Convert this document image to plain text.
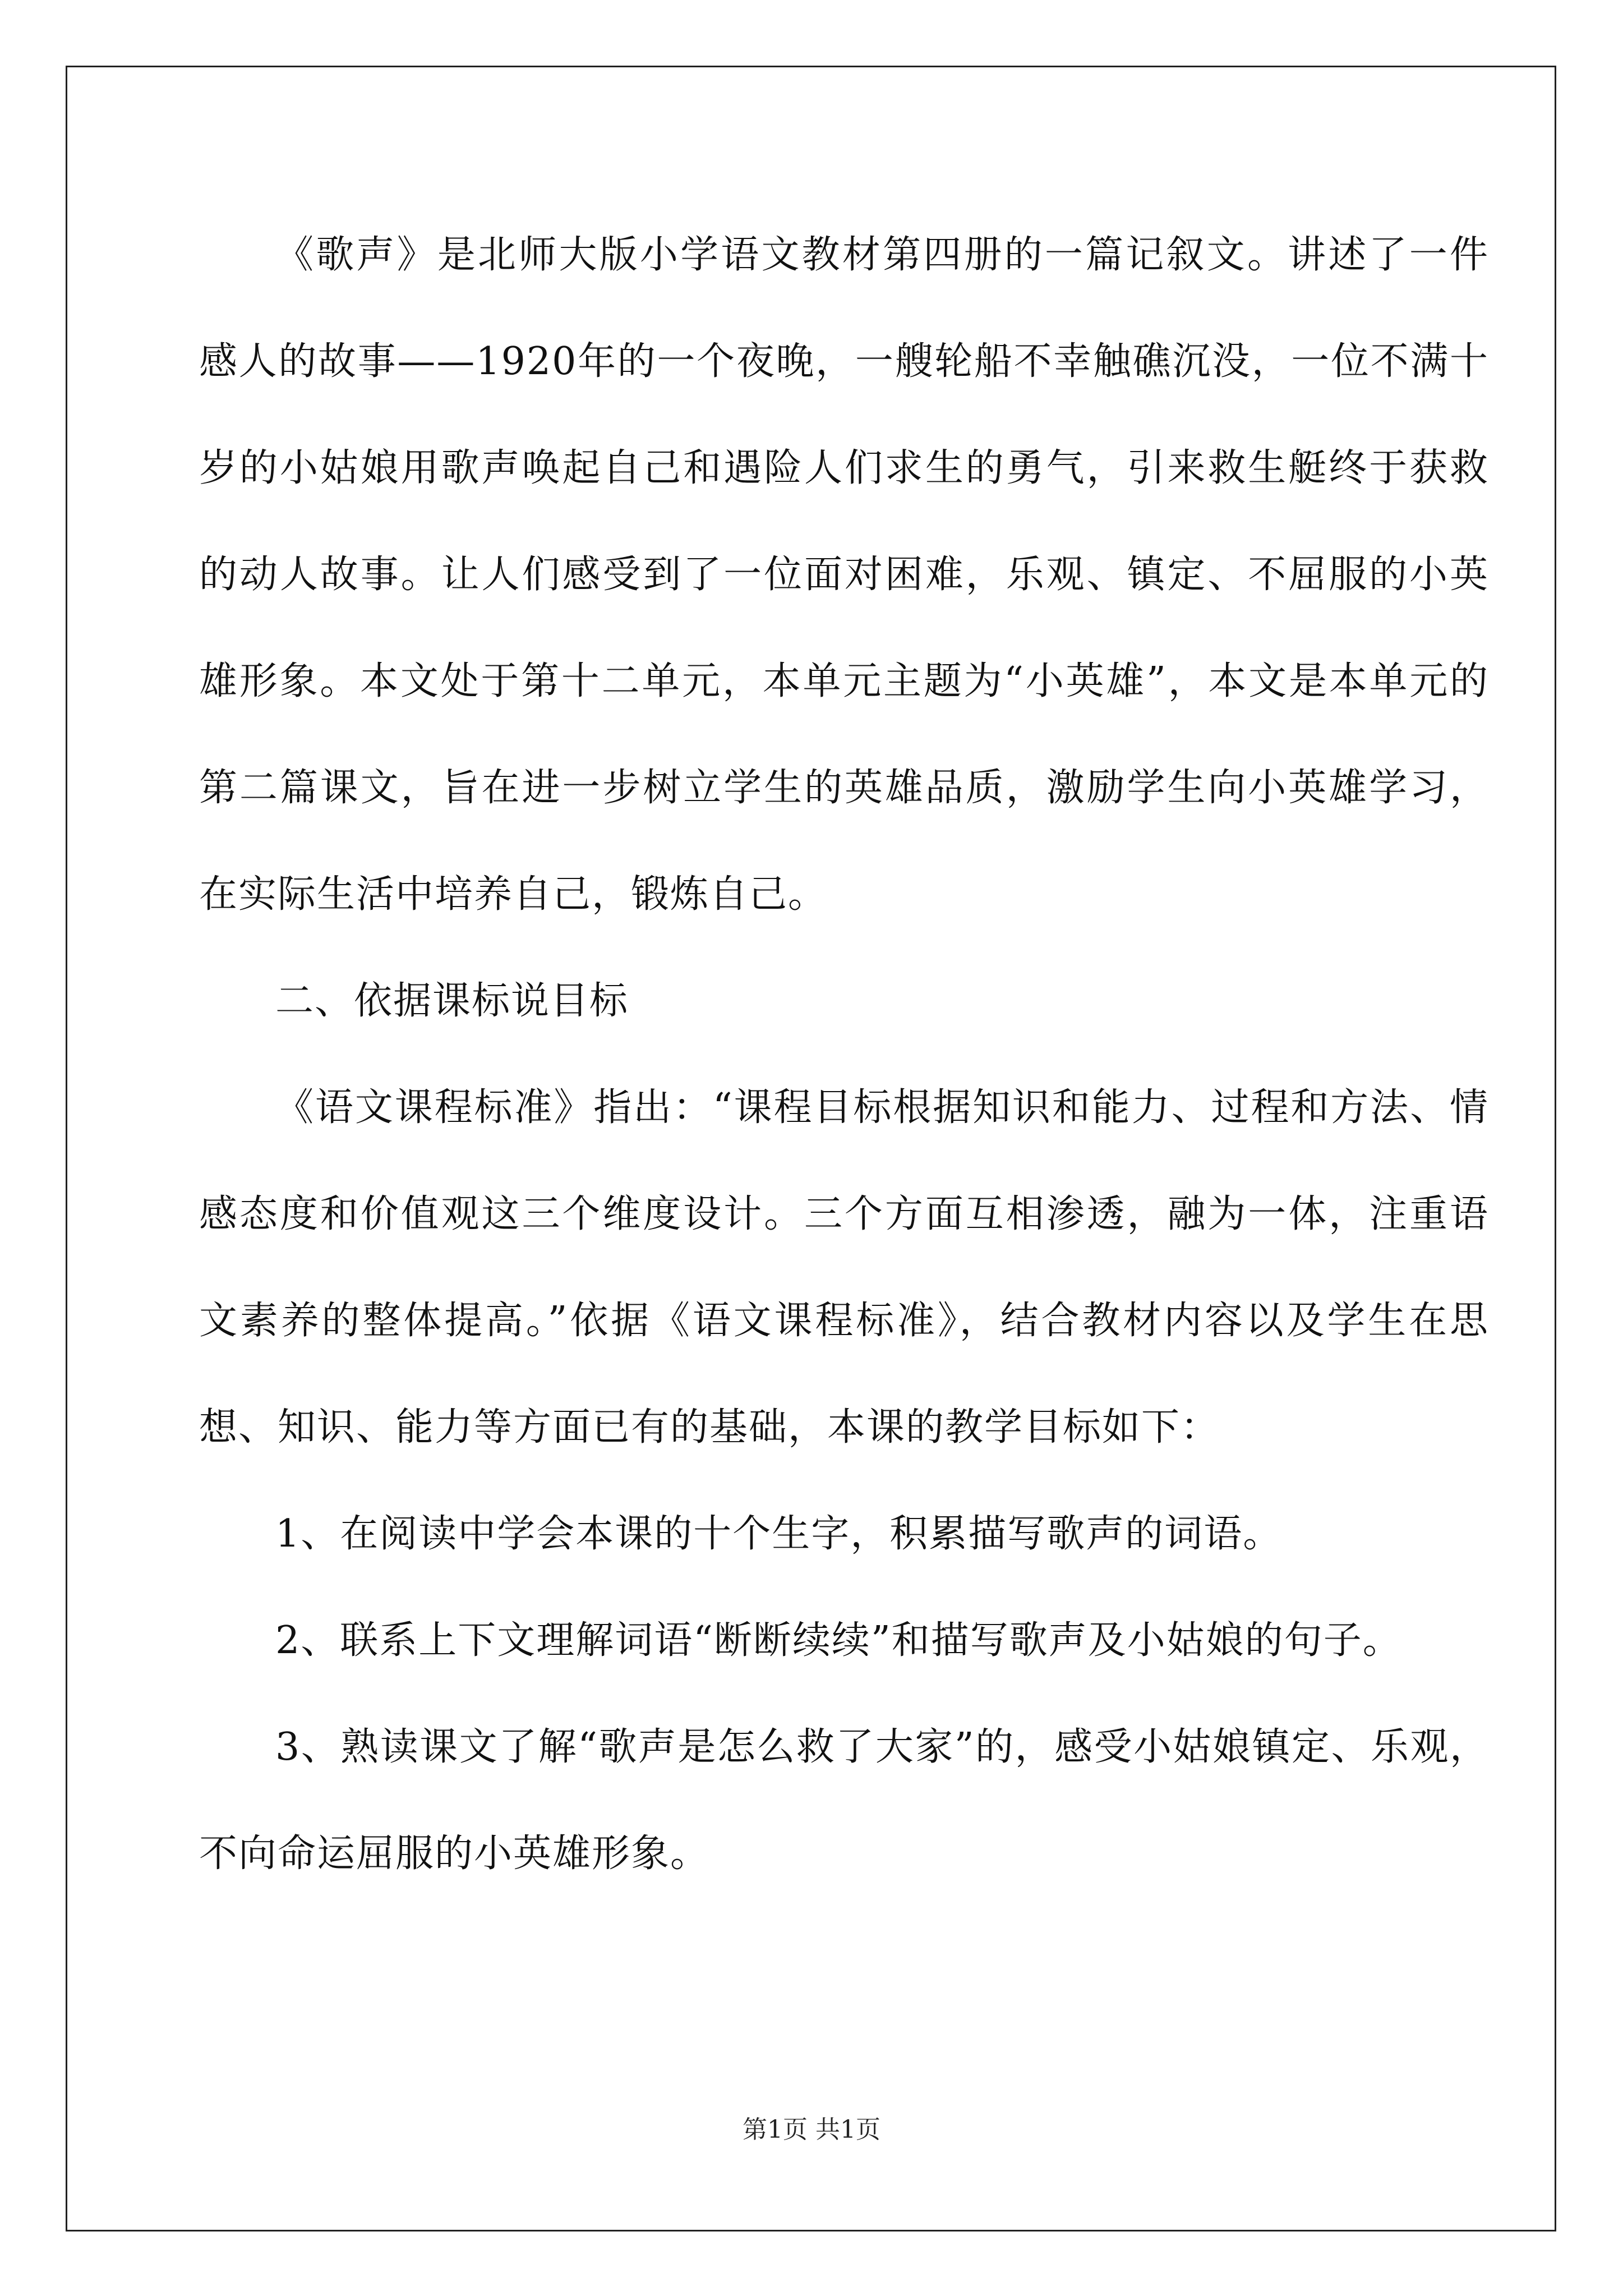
《歌声》是北师大版小学语文教材第四册的一篇记叙文。讲述了一件感人的故事——1920年的一个夜晚，一艘轮船不幸触礁沉没，一位不满十岁的小姑娘用歌声唤起自己和遇险人们求生的勇气，引来救生艇终于获救的动人故事。让人们感受到了一位面对困难，乐观、镇定、不屈服的小英雄形象。本文处于第十二单元，本单元主题为“小英雄”，本文是本单元的第二篇课文，旨在进一步树立学生的英雄品质，激励学生向小英雄学习，在实际生活中培养自己，锻炼自己。

二、依据课标说目标

《语文课程标准》指出：“课程目标根据知识和能力、过程和方法、情感态度和价值观这三个维度设计。三个方面互相渗透，融为一体，注重语文素养的整体提高。”依据《语文课程标准》，结合教材内容以及学生在思想、知识、能力等方面已有的基础，本课的教学目标如下：

1、在阅读中学会本课的十个生字，积累描写歌声的词语。

2、联系上下文理解词语“断断续续”和描写歌声及小姑娘的句子。

3、熟读课文了解“歌声是怎么救了大家”的，感受小姑娘镇定、乐观，不向命运屈服的小英雄形象。

第1页 共1页
